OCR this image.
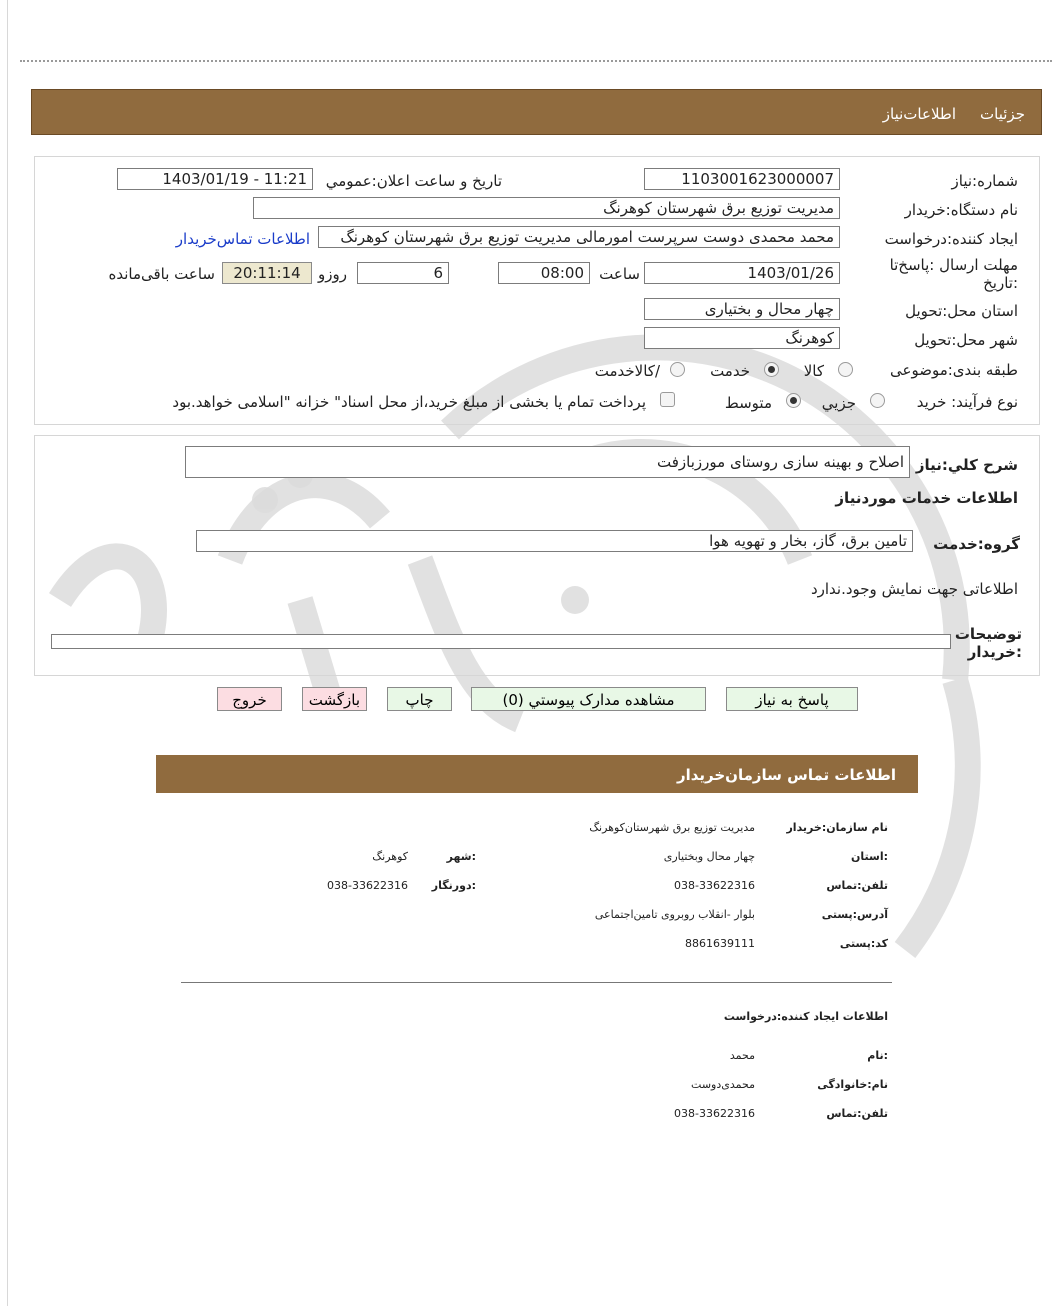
جزئیات
اطلاعات‌نیاز
شماره:نیاز
1103001623000007
تاريخ و ساعت اعلان:عمومي
1403/01/19 - 11:21
نام دستگاه:خريدار
مديريت توزيع برق شهرستان کوهرنگ
ايجاد کننده:درخواست
محمد محمدی دوست سرپرست امورمالی مدیریت توزیع برق شهرستان کوهرنگ
اطلاعات تماس‌خريدار
مهلت ارسال :پاسخ‌تا
:تاريخ
1403/01/26
ساعت
08:00
6
روزو
20:11:14
ساعت باقی‌مانده
استان محل:تحويل
چهار محال و بختياری
شهر محل:تحويل
کوهرنگ
طبقه بندی:موضوعی
کالا
خدمت
/کالاخدمت
نوع فرآيند: خريد
جزيي
متوسط
پرداخت تمام يا بخشی از مبلغ خريد،از محل اسناد" خزانه "اسلامی خواهد.بود
شرح کلي:نياز
اصلاح و بهینه سازی روستای مورزبازفت
اطلاعات خدمات موردنياز
گروه:خدمت
تامين برق، گاز، بخار و تهويه هوا
اطلاعاتی جهت نمايش وجود.ندارد
توضيحات
:خريدار
پاسخ به نياز
مشاهده مدارک پيوستي (0)
چاپ
بازگشت
خروج
اطلاعات تماس سازمان‌خريدار
نام سازمان:خريدار
مديريت توزيع برق شهرستان‌کوهرنگ
:استان
چهار محال وبختياری
:شهر
کوهرنگ
تلفن:تماس
038-33622316
:دورنگار
038-33622316
آدرس:پستی
بلوار -انقلاب روبروی تامين‌اجتماعی
کد:پستی
8861639111
اطلاعات ايجاد کننده:درخواست
:نام
محمد
نام:خانوادگی
محمدی‌دوست
تلفن:تماس
038-33622316
